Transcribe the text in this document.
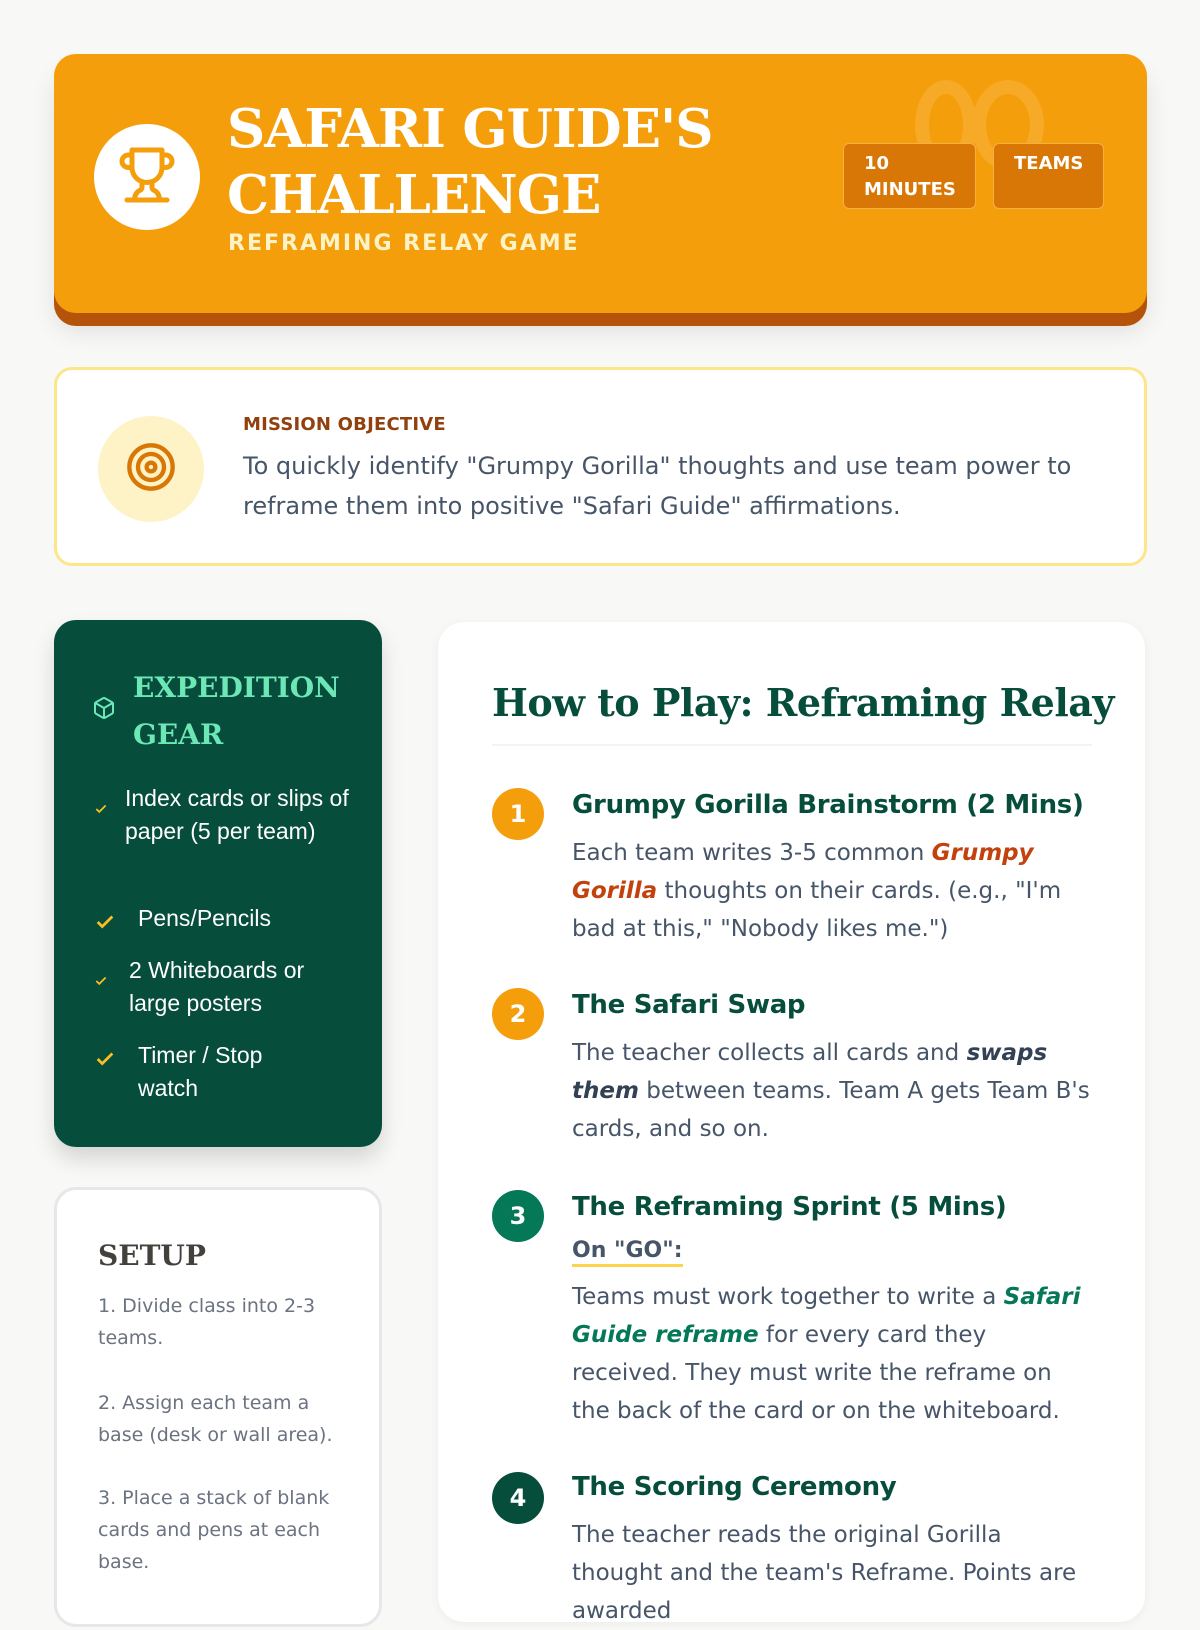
SAFARI GUIDE'S CHALLENGE
REFRAMING RELAY GAME
10 MINUTES
TEAMS
MISSION OBJECTIVE
To quickly identify "Grumpy Gorilla" thoughts and use team power to reframe them into positive "Safari Guide" affirmations.
EXPEDITION GEAR
Index cards or slips of paper (5 per team)
Pens/Pencils
2 Whiteboards or large posters
Timer / Stop watch
SETUP
1. Divide class into 2-3 teams.
2. Assign each team a base (desk or wall area).
3. Place a stack of blank cards and pens at each base.
How to Play: Reframing Relay
1	Grumpy Gorilla Brainstorm (2 Mins)
Each team writes 3-5 common Grumpy Gorilla thoughts on their cards. (e.g., "I'm bad at this," "Nobody likes me.")
2	The Safari Swap
The teacher collects all cards and swaps them between teams. Team A gets Team B's cards, and so on.
3	The Reframing Sprint (5 Mins)
On "GO":
Teams must work together to write a Safari Guide reframe for every card they received. They must write the reframe on the back of the card or on the whiteboard.
4	The Scoring Ceremony
The teacher reads the original Gorilla thought and the team's Reframe. Points are awarded
